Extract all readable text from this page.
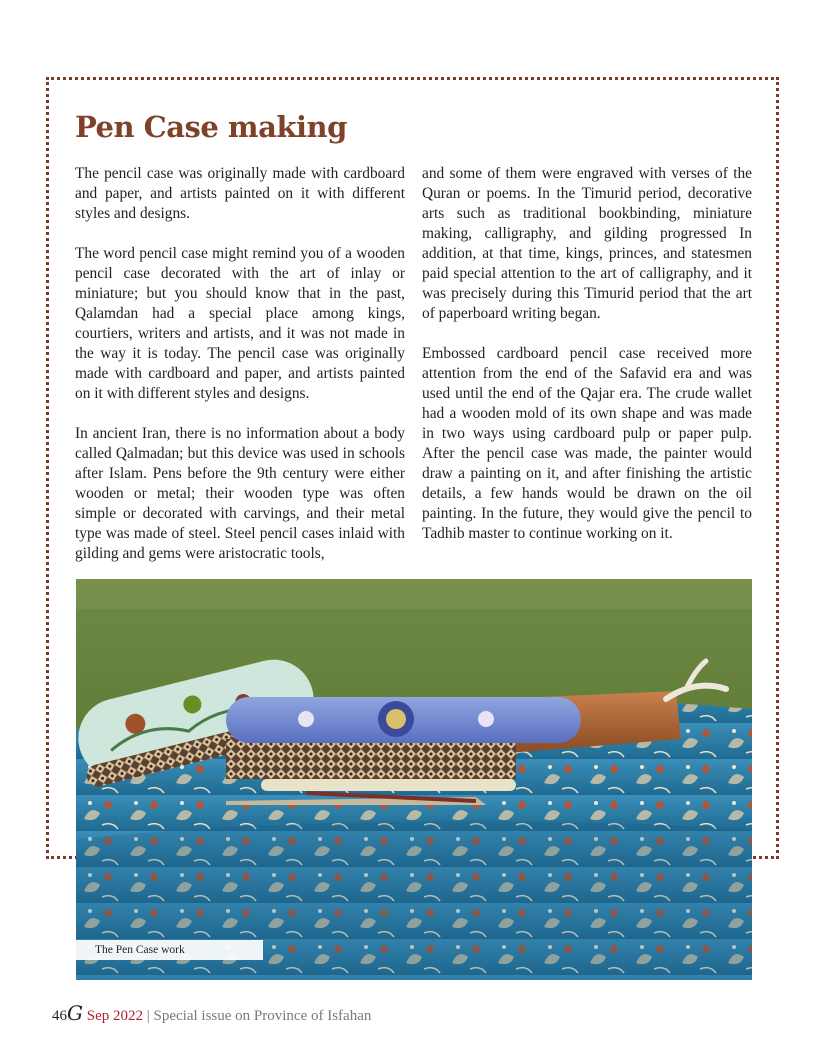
Pen Case making

The pencil case was originally made with cardboard and paper, and artists painted on it with different styles and designs.

The word pencil case might remind you of a wooden pencil case decorated with the art of inlay or miniature; but you should know that in the past, Qalamdan had a special place among kings, courtiers, writers and artists, and it was not made in the way it is today. The pencil case was originally made with cardboard and paper, and artists painted on it with different styles and designs.

In ancient Iran, there is no information about a body called Qalmadan; but this device was used in schools after Islam. Pens before the 9th century were either wooden or metal; their wooden type was often simple or decorated with carvings, and their metal type was made of steel. Steel pencil cases inlaid with gilding and gems were aristocratic tools,

and some of them were engraved with verses of the Quran or poems. In the Timurid period, decorative arts such as traditional bookbinding, miniature making, calligraphy, and gilding progressed In addition, at that time, kings, princes, and statesmen paid special attention to the art of calligraphy, and it was precisely during this Timurid period that the art of paperboard writing began.

Embossed cardboard pencil case received more attention from the end of the Safavid era and was used until the end of the Qajar era. The crude wallet had a wooden mold of its own shape and was made in two ways using cardboard pulp or paper pulp. After the pencil case was made, the painter would draw a painting on it, and after finishing the artistic details, a few hands would be drawn on the oil painting. In the future, they would give the pencil to Tadhib master to continue working on it.

The Pen Case work
46G Sep 2022 | Special issue on Province of Isfahan
